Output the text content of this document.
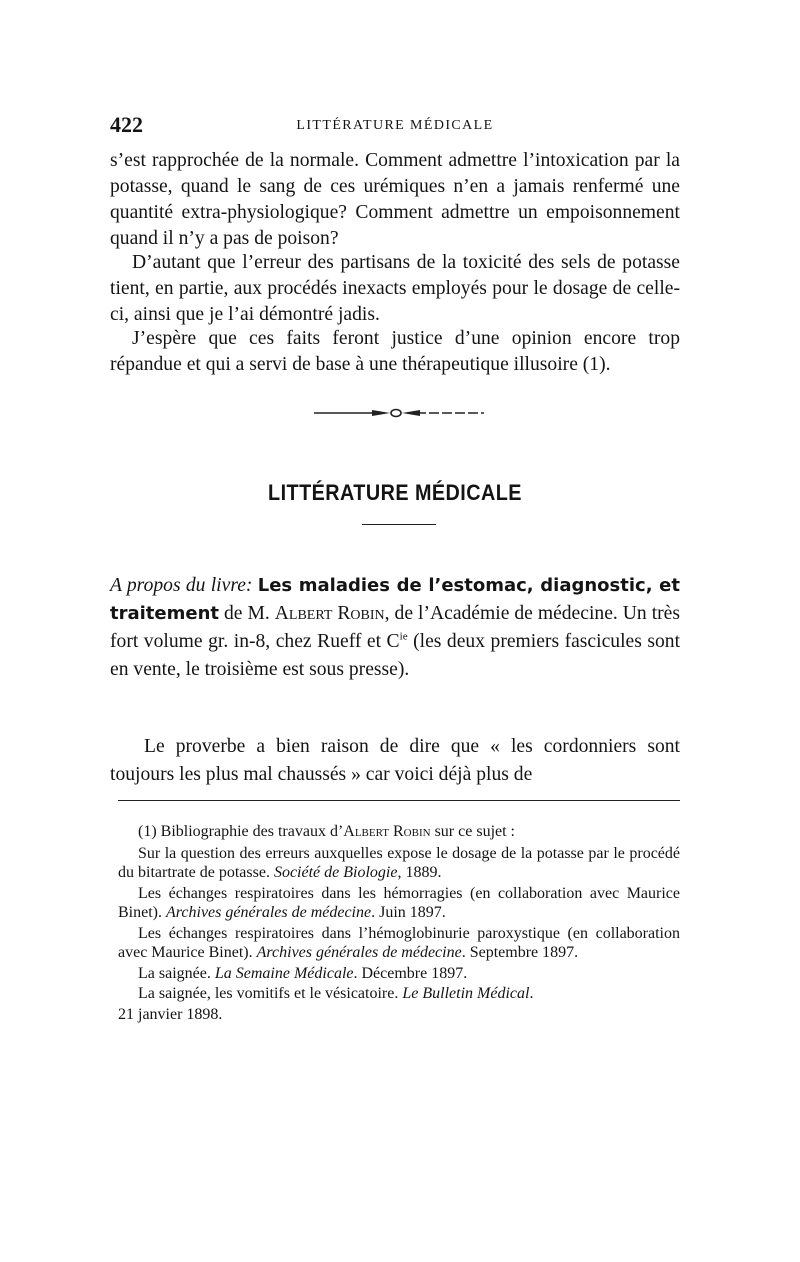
422	LITTÉRATURE MÉDICALE
s’est rapprochée de la normale. Comment admettre l’intoxication par la potasse, quand le sang de ces urémiques n’en a jamais renfermé une quantité extra-physiologique? Comment admettre un empoisonnement quand il n’y a pas de poison?
D’autant que l’erreur des partisans de la toxicité des sels de potasse tient, en partie, aux procédés inexacts employés pour le dosage de celle-ci, ainsi que je l’ai démontré jadis.
J’espère que ces faits feront justice d’une opinion encore trop répandue et qui a servi de base à une thérapeutique illusoire (1).
LITTÉRATURE MÉDICALE
A propos du livre: Les maladies de l’estomac, diagnostic, et traitement de M. Albert Robin, de l’Académie de médecine. Un très fort volume gr. in-8, chez Rueff et $C^{ie}$ (les deux premiers fascicules sont en vente, le troisième est sous presse).
Le proverbe a bien raison de dire que « les cordonniers sont toujours les plus mal chaussés » car voici déjà plus de

(1) Bibliographie des travaux d’Albert Robin sur ce sujet :

Sur la question des erreurs auxquelles expose le dosage de la potasse par le procédé du bitartrate de potasse. Société de Biologie, 1889.

Les échanges respiratoires dans les hémorragies (en collaboration avec Maurice Binet). Archives générales de médecine. Juin 1897.

Les échanges respiratoires dans l’hémoglobinurie paroxystique (en collaboration avec Maurice Binet). Archives générales de médecine. Septembre 1897.

La saignée. La Semaine Médicale. Décembre 1897.

La saignée, les vomitifs et le vésicatoire. Le Bulletin Médical.

21 janvier 1898.
